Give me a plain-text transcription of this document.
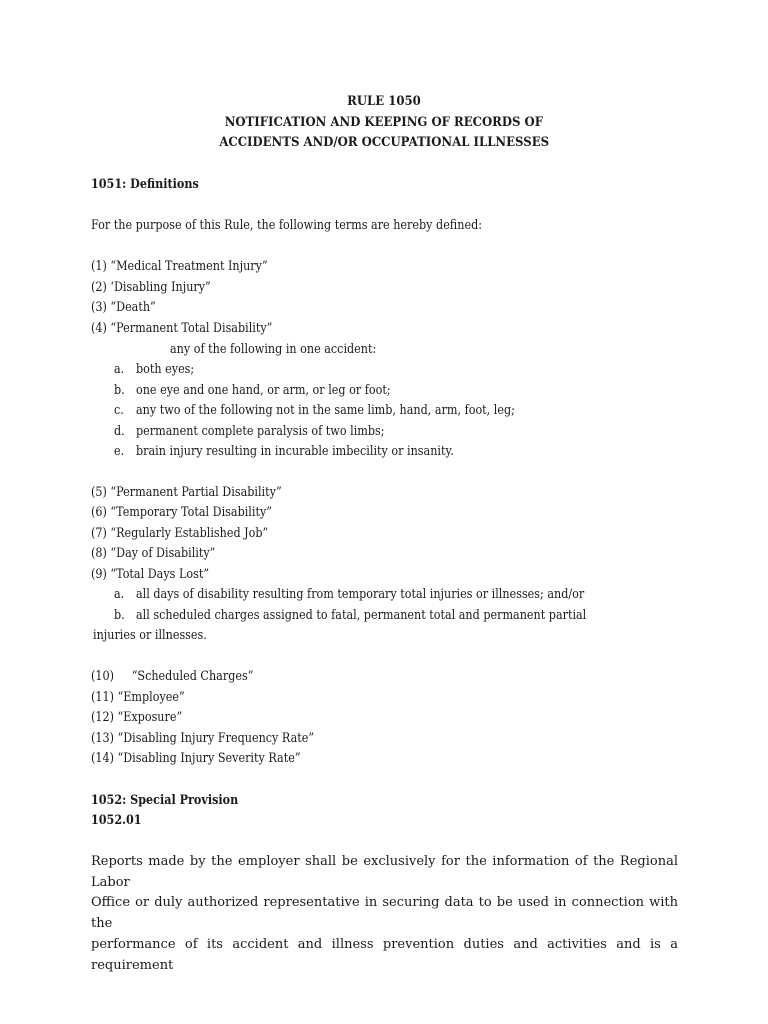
RULE 1050
NOTIFICATION AND KEEPING OF RECORDS OF
ACCIDENTS AND/OR OCCUPATIONAL ILLNESSES
1051: Definitions
For the purpose of this Rule, the following terms are hereby defined:
(1) “Medical Treatment Injury”
(2) ‘Disabling Injury”
(3) “Death”
(4) “Permanent Total Disability”
any of the following in one accident:
a. both eyes;
b. one eye and one hand, or arm, or leg or foot;
c. any two of the following not in the same limb, hand, arm, foot, leg;
d. permanent complete paralysis of two limbs;
e. brain injury resulting in incurable imbecility or insanity.
(5) “Permanent Partial Disability”
(6) “Temporary Total Disability”
(7) “Regularly Established Job”
(8) “Day of Disability”
(9) “Total Days Lost”
a. all days of disability resulting from temporary total injuries or illnesses; and/or
b. all scheduled charges assigned to fatal, permanent total and permanent partial
injuries or illnesses.
(10)     “Scheduled Charges”
(11) “Employee”
(12) “Exposure”
(13) “Disabling Injury Frequency Rate”
(14) “Disabling Injury Severity Rate”
1052: Special Provision
1052.01
Reports made by the employer shall be exclusively for the information of the Regional Labor
Office or duly authorized representative in securing data to be used in connection with the
performance of its accident and illness prevention duties and activities and is a requirement
